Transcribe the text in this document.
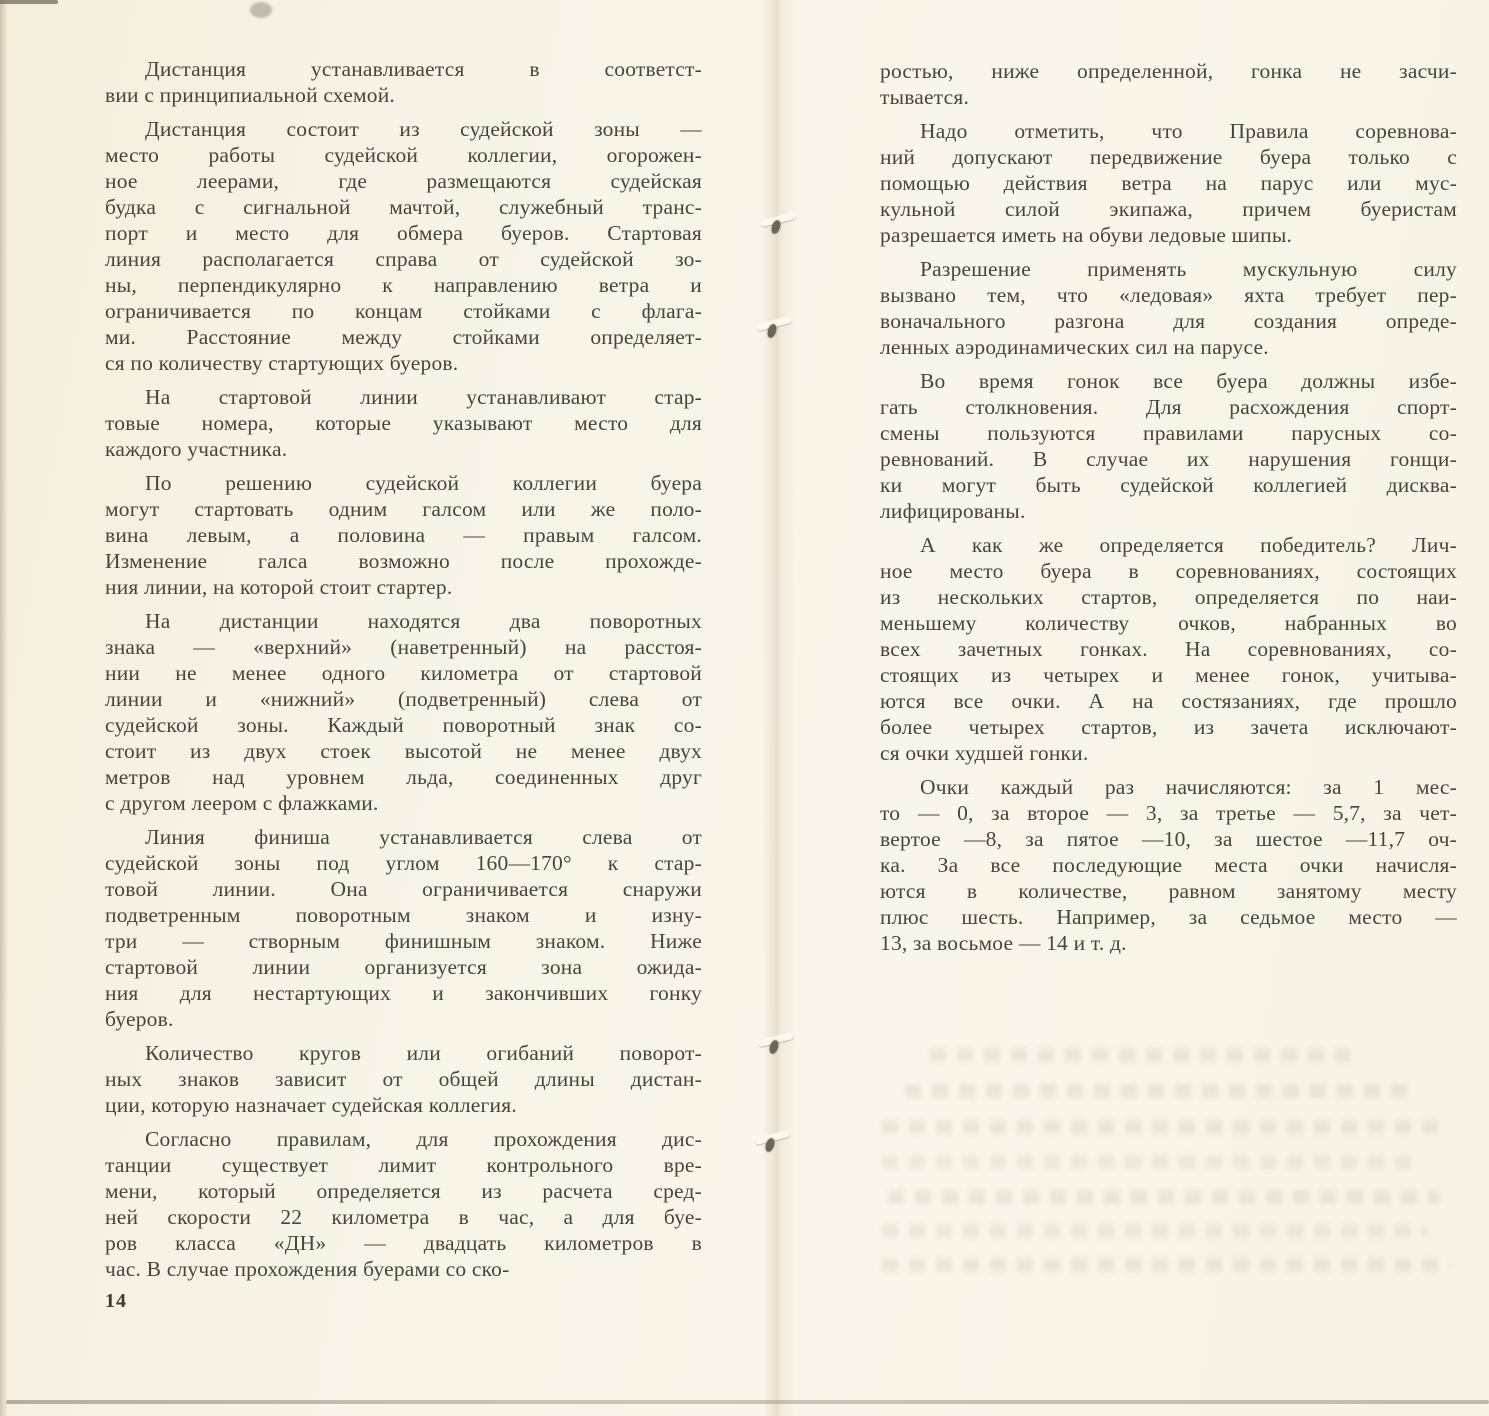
Дистанция устанавливается в соответст-
вии с принципиальной схемой.
Дистанция состоит из судейской зоны —
место работы судейской коллегии, огорожен-
ное леерами, где размещаются судейская
будка с сигнальной мачтой, служебный транс-
порт и место для обмера буеров. Стартовая
линия располагается справа от судейской зо-
ны, перпендикулярно к направлению ветра и
ограничивается по концам стойками с флага-
ми. Расстояние между стойками определяет-
ся по количеству стартующих буеров.
На стартовой линии устанавливают стар-
товые номера, которые указывают место для
каждого участника.
По решению судейской коллегии буера
могут стартовать одним галсом или же поло-
вина левым, а половина — правым галсом.
Изменение галса возможно после прохожде-
ния линии, на которой стоит стартер.
На дистанции находятся два поворотных
знака — «верхний» (наветренный) на расстоя-
нии не менее одного километра от стартовой
линии и «нижний» (подветренный) слева от
судейской зоны. Каждый поворотный знак со-
стоит из двух стоек высотой не менее двух
метров над уровнем льда, соединенных друг
с другом леером с флажками.
Линия финиша устанавливается слева от
судейской зоны под углом 160—170° к стар-
товой линии. Она ограничивается снаружи
подветренным поворотным знаком и изну-
три — створным финишным знаком. Ниже
стартовой линии организуется зона ожида-
ния для нестартующих и закончивших гонку
буеров.
Количество кругов или огибаний поворот-
ных знаков зависит от общей длины дистан-
ции, которую назначает судейская коллегия.
Согласно правилам, для прохождения дис-
танции существует лимит контрольного вре-
мени, который определяется из расчета сред-
ней скорости 22 километра в час, а для буе-
ров класса «ДН» — двадцать километров в
час. В случае прохождения буерами со ско-
ростью, ниже определенной, гонка не засчи-
тывается.
Надо отметить, что Правила соревнова-
ний допускают передвижение буера только с
помощью действия ветра на парус или мус-
кульной силой экипажа, причем буеристам
разрешается иметь на обуви ледовые шипы.
Разрешение применять мускульную силу
вызвано тем, что «ледовая» яхта требует пер-
воначального разгона для создания опреде-
ленных аэродинамических сил на парусе.
Во время гонок все буера должны избе-
гать столкновения. Для расхождения спорт-
смены пользуются правилами парусных со-
ревнований. В случае их нарушения гонщи-
ки могут быть судейской коллегией дисква-
лифицированы.
А как же определяется победитель? Лич-
ное место буера в соревнованиях, состоящих
из нескольких стартов, определяется по наи-
меньшему количеству очков, набранных во
всех зачетных гонках. На соревнованиях, со-
стоящих из четырех и менее гонок, учитыва-
ются все очки. А на состязаниях, где прошло
более четырех стартов, из зачета исключают-
ся очки худшей гонки.
Очки каждый раз начисляются: за 1 мес-
то — 0, за второе — 3, за третье — 5,7, за чет-
вертое —8, за пятое —10, за шестое —11,7 оч-
ка. За все последующие места очки начисля-
ются в количестве, равном занятому месту
плюс шесть. Например, за седьмое место —
13, за восьмое — 14 и т. д.
14
